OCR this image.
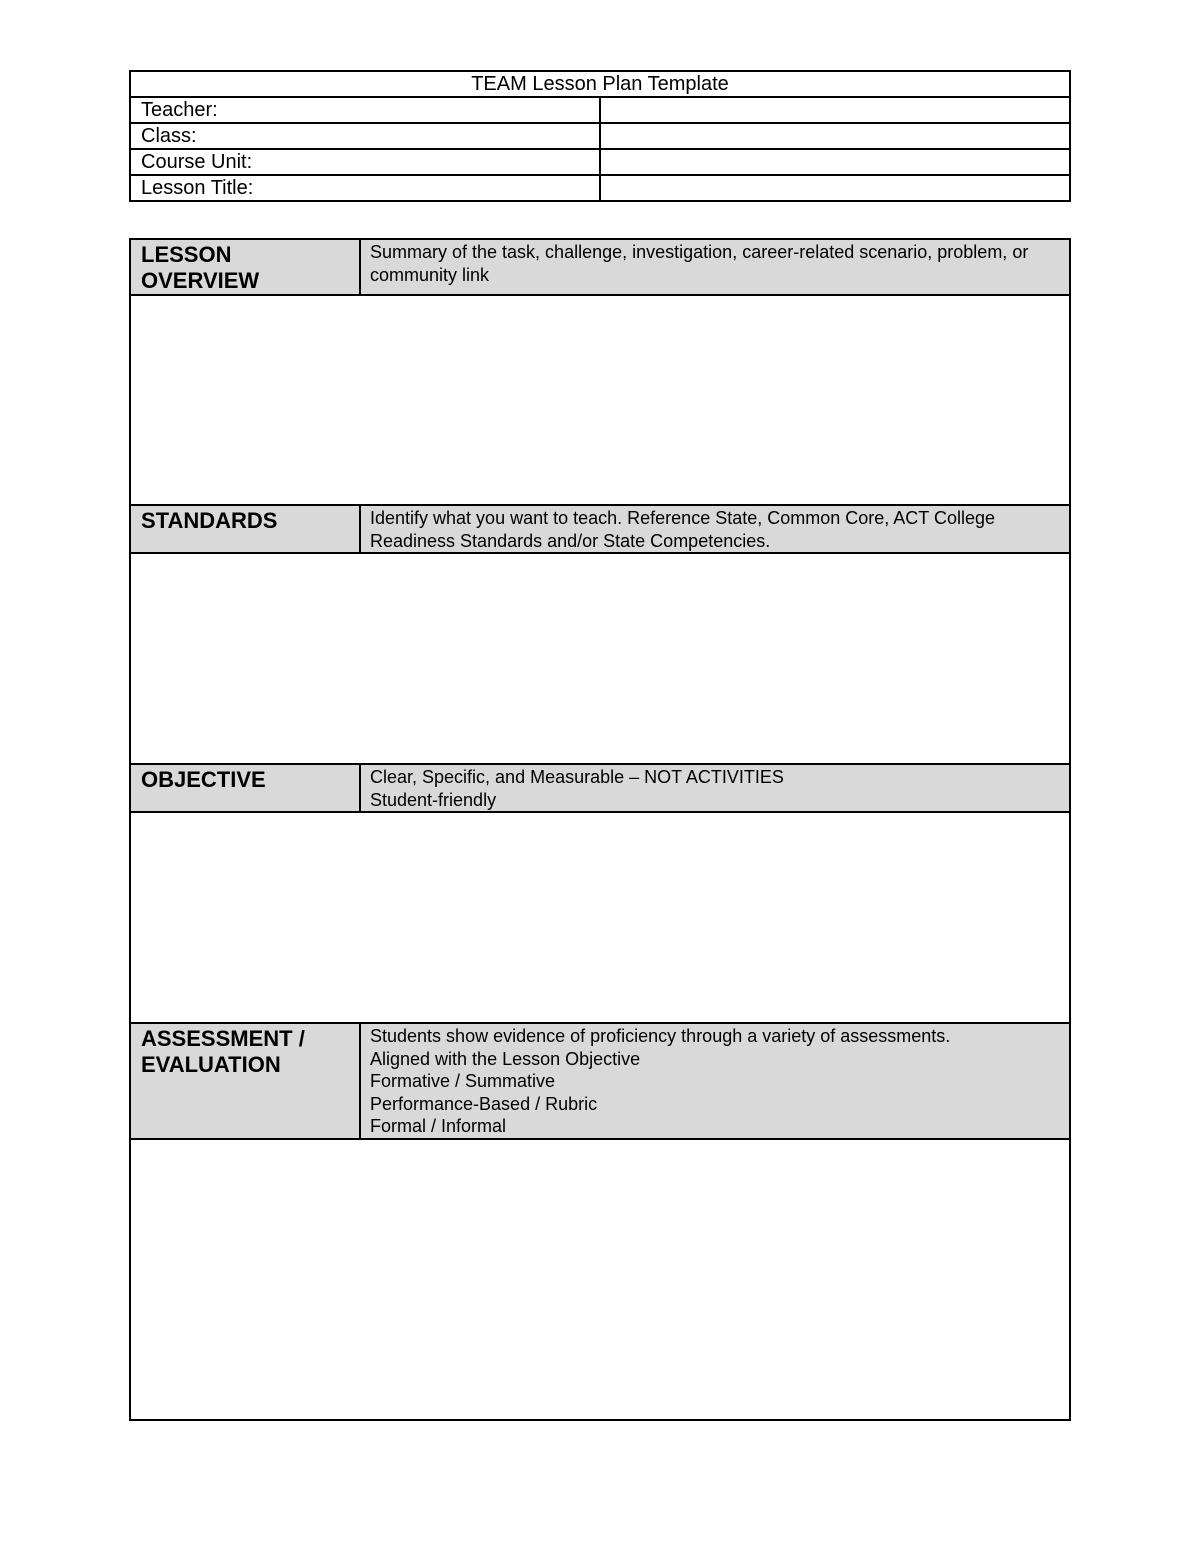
TEAM Lesson Plan Template	
Teacher:	
Class:	
Course Unit:	
Lesson Title:	
LESSON
OVERVIEW	Summary of the task, challenge, investigation, career-related scenario, problem, or community link

STANDARDS	Identify what you want to teach. Reference State, Common Core, ACT College Readiness Standards and/or State Competencies.

OBJECTIVE	Clear, Specific, and Measurable – NOT ACTIVITIES
Student-friendly

ASSESSMENT /
EVALUATION	Students show evidence of proficiency through a variety of assessments.
Aligned with the Lesson Objective
Formative / Summative
Performance-Based / Rubric
Formal / Informal
